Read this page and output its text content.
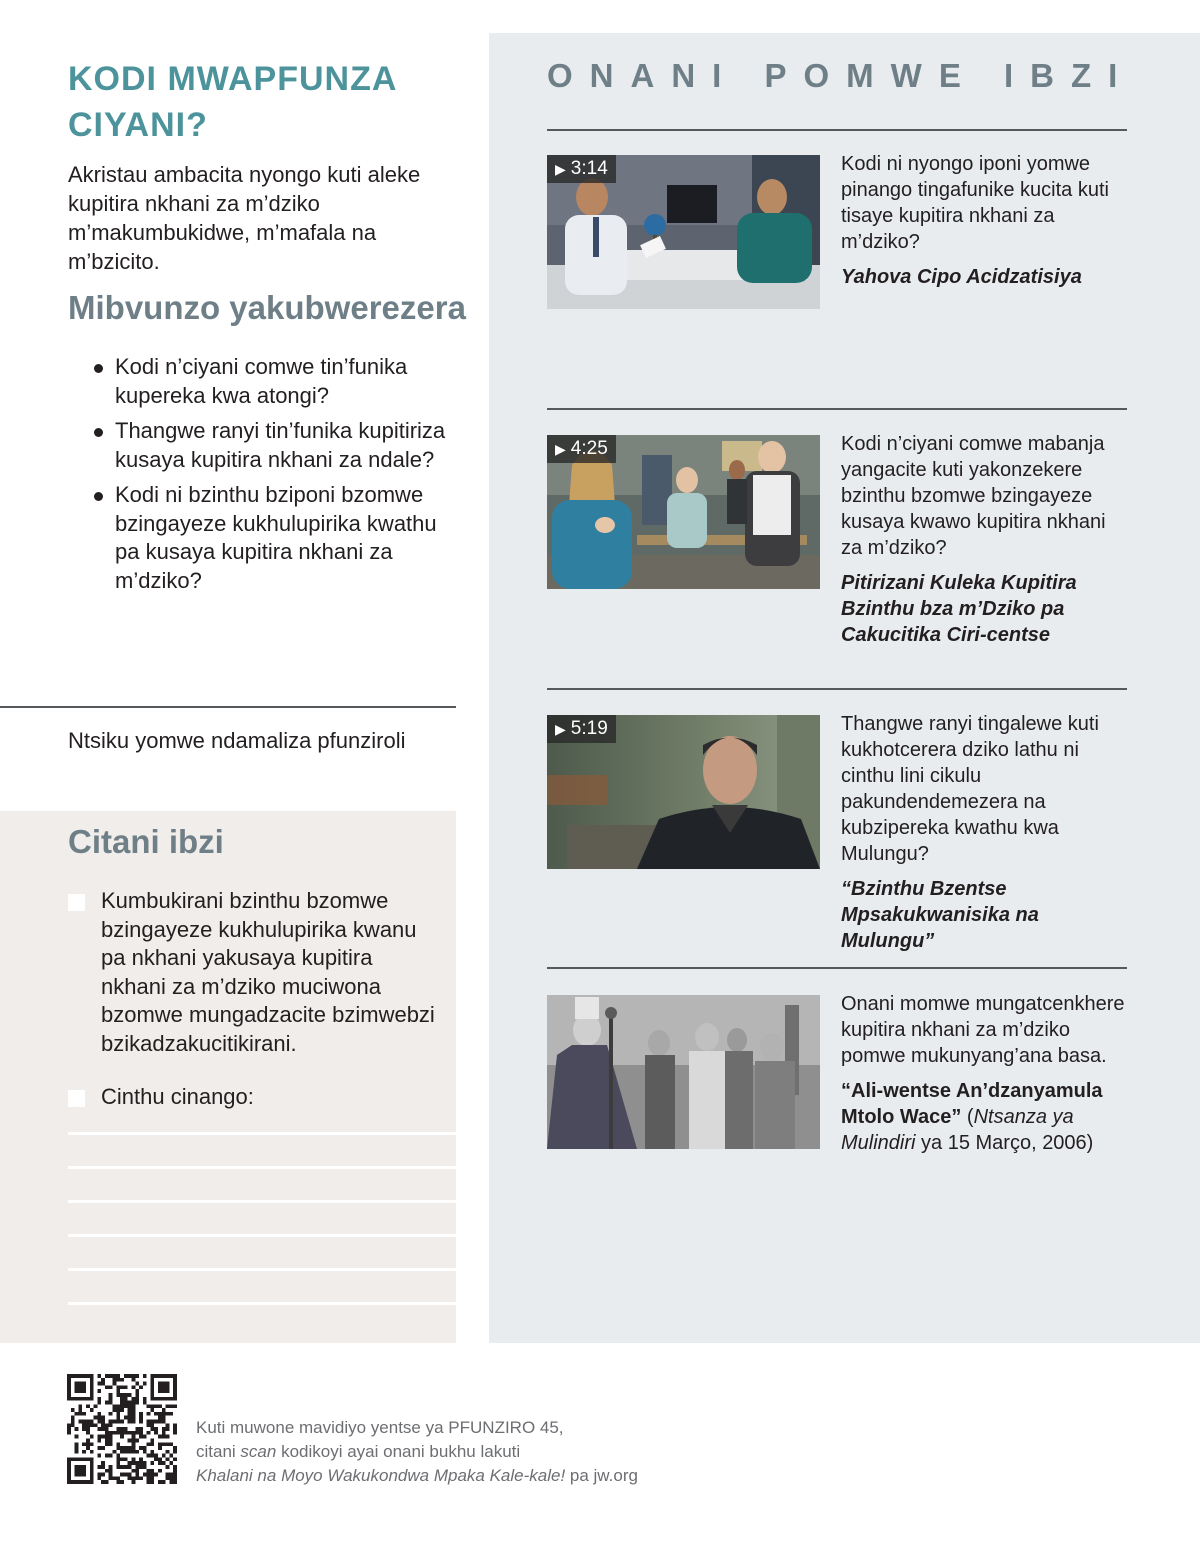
KODI MWAPFUNZA CIYANI?

Akristau ambacita nyongo kuti aleke kupitira nkhani za m’dziko m’makumbukidwe, m’mafala na m’bzicito.

Mibvunzo yakubwerezera
Kodi n’ciyani comwe tin’funika kupereka kwa atongi?
Thangwe ranyi tin’funika kupitiriza kusaya kupitira nkhani za ndale?
Kodi ni bzinthu bziponi bzomwe bzingayeze kukhulupirika kwathu pa kusaya kupitira nkhani za m’dziko?
Ntsiku yomwe ndamaliza pfunziroli
Citani ibzi
Kumbukirani bzinthu bzomwe bzingayeze kukhulupirika kwanu pa nkhani yakusaya kupitira nkhani za m’dziko muciwona bzomwe mungadzacite bzimwebzi bzikadzakucitikirani.
Cinthu cinango:
ONANI POMWE IBZI
▶ 3:14	Kodi ni nyongo iponi yomwe pinango tingafunike kucita kuti tisaye kupitira nkhani za m’dziko?
Yahova Cipo Acidzatisiya
▶ 4:25	Kodi n’ciyani comwe mabanja yangacite kuti yakonzekere bzinthu bzomwe bzingayeze kusaya kwawo kupitira nkhani za m’dziko?
Pitirizani Kuleka Kupitira Bzinthu bza m’Dziko pa Cakucitika Ciri-centse
▶ 5:19	Thangwe ranyi tingalewe kuti kukhotcerera dziko lathu ni cinthu lini cikulu pakundendemezera na kubzipereka kwathu kwa Mulungu?
“Bzinthu Bzentse Mpsakukwanisika na Mulungu”
Onani momwe mungatcenkhere kupitira nkhani za m’dziko pomwe mukunyang’ana basa.
“Ali-wentse An’dzanyamula Mtolo Wace” (Ntsanza ya Mulindiri ya 15 Março, 2006)
Kuti muwone mavidiyo yentse ya PFUNZIRO 45,
citani scan kodikoyi ayai onani bukhu lakuti
Khalani na Moyo Wakukondwa Mpaka Kale-kale! pa jw.org
